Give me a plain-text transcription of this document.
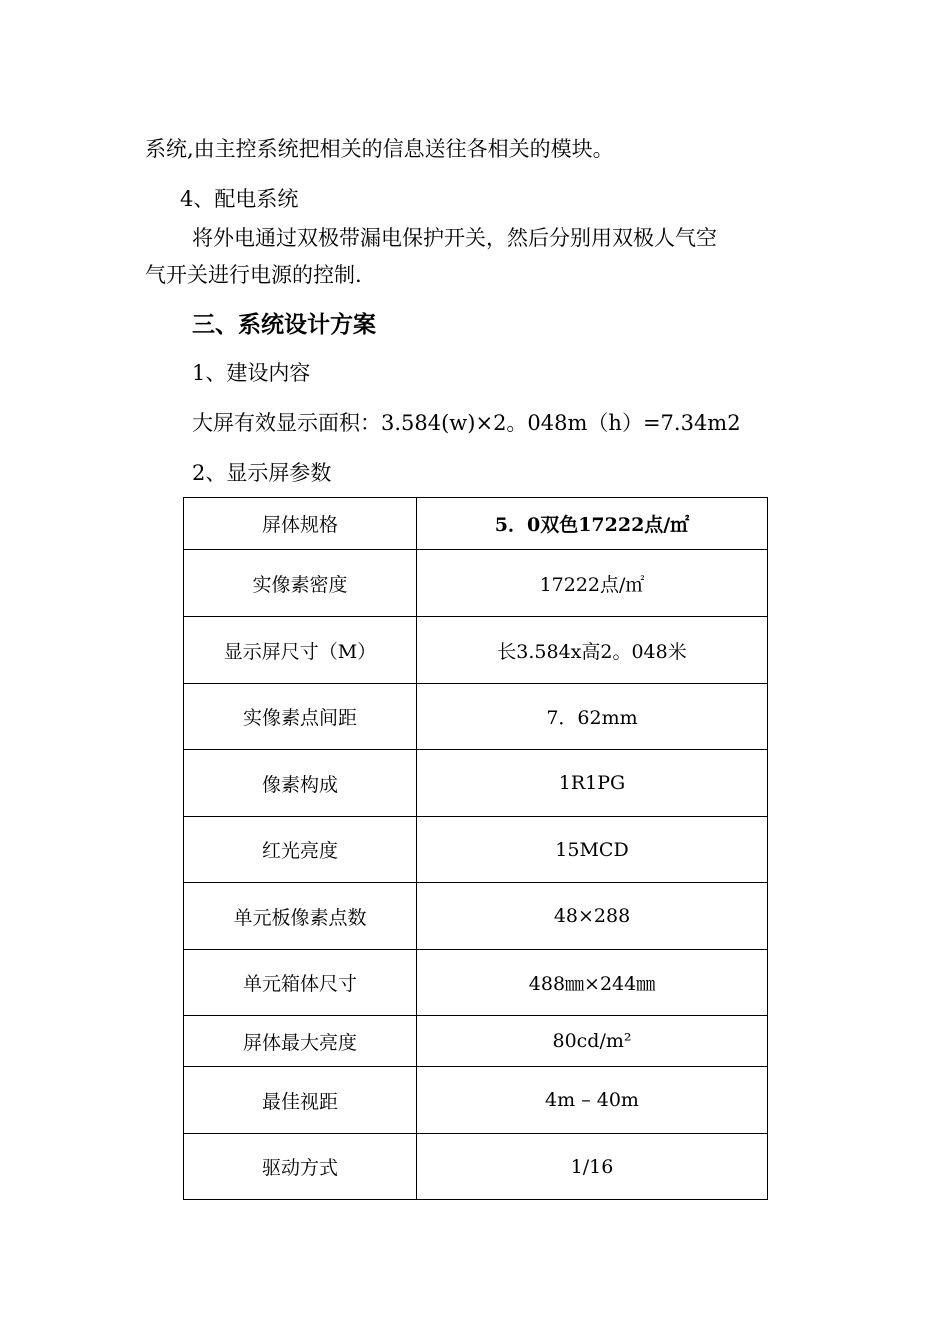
系统,由主控系统把相关的信息送往各相关的模块。
4、配电系统
将外电通过双极带漏电保护开关，然后分别用双极人气空
气开关进行电源的控制.
三、系统设计方案
1、建设内容
大屏有效显示面积：3.584(w)×2。048m（h）=7.34m2
2、显示屏参数
屏体规格	5．0双色17222点/㎡
实像素密度	17222点/㎡
显示屏尺寸（M）	长3.584x高2。048米
实像素点间距	7．62mm
像素构成	1R1PG
红光亮度	15MCD
单元板像素点数	48×288
单元箱体尺寸	488㎜×244㎜
屏体最大亮度	80cd/m²
最佳视距	4m – 40m
驱动方式	1/16
